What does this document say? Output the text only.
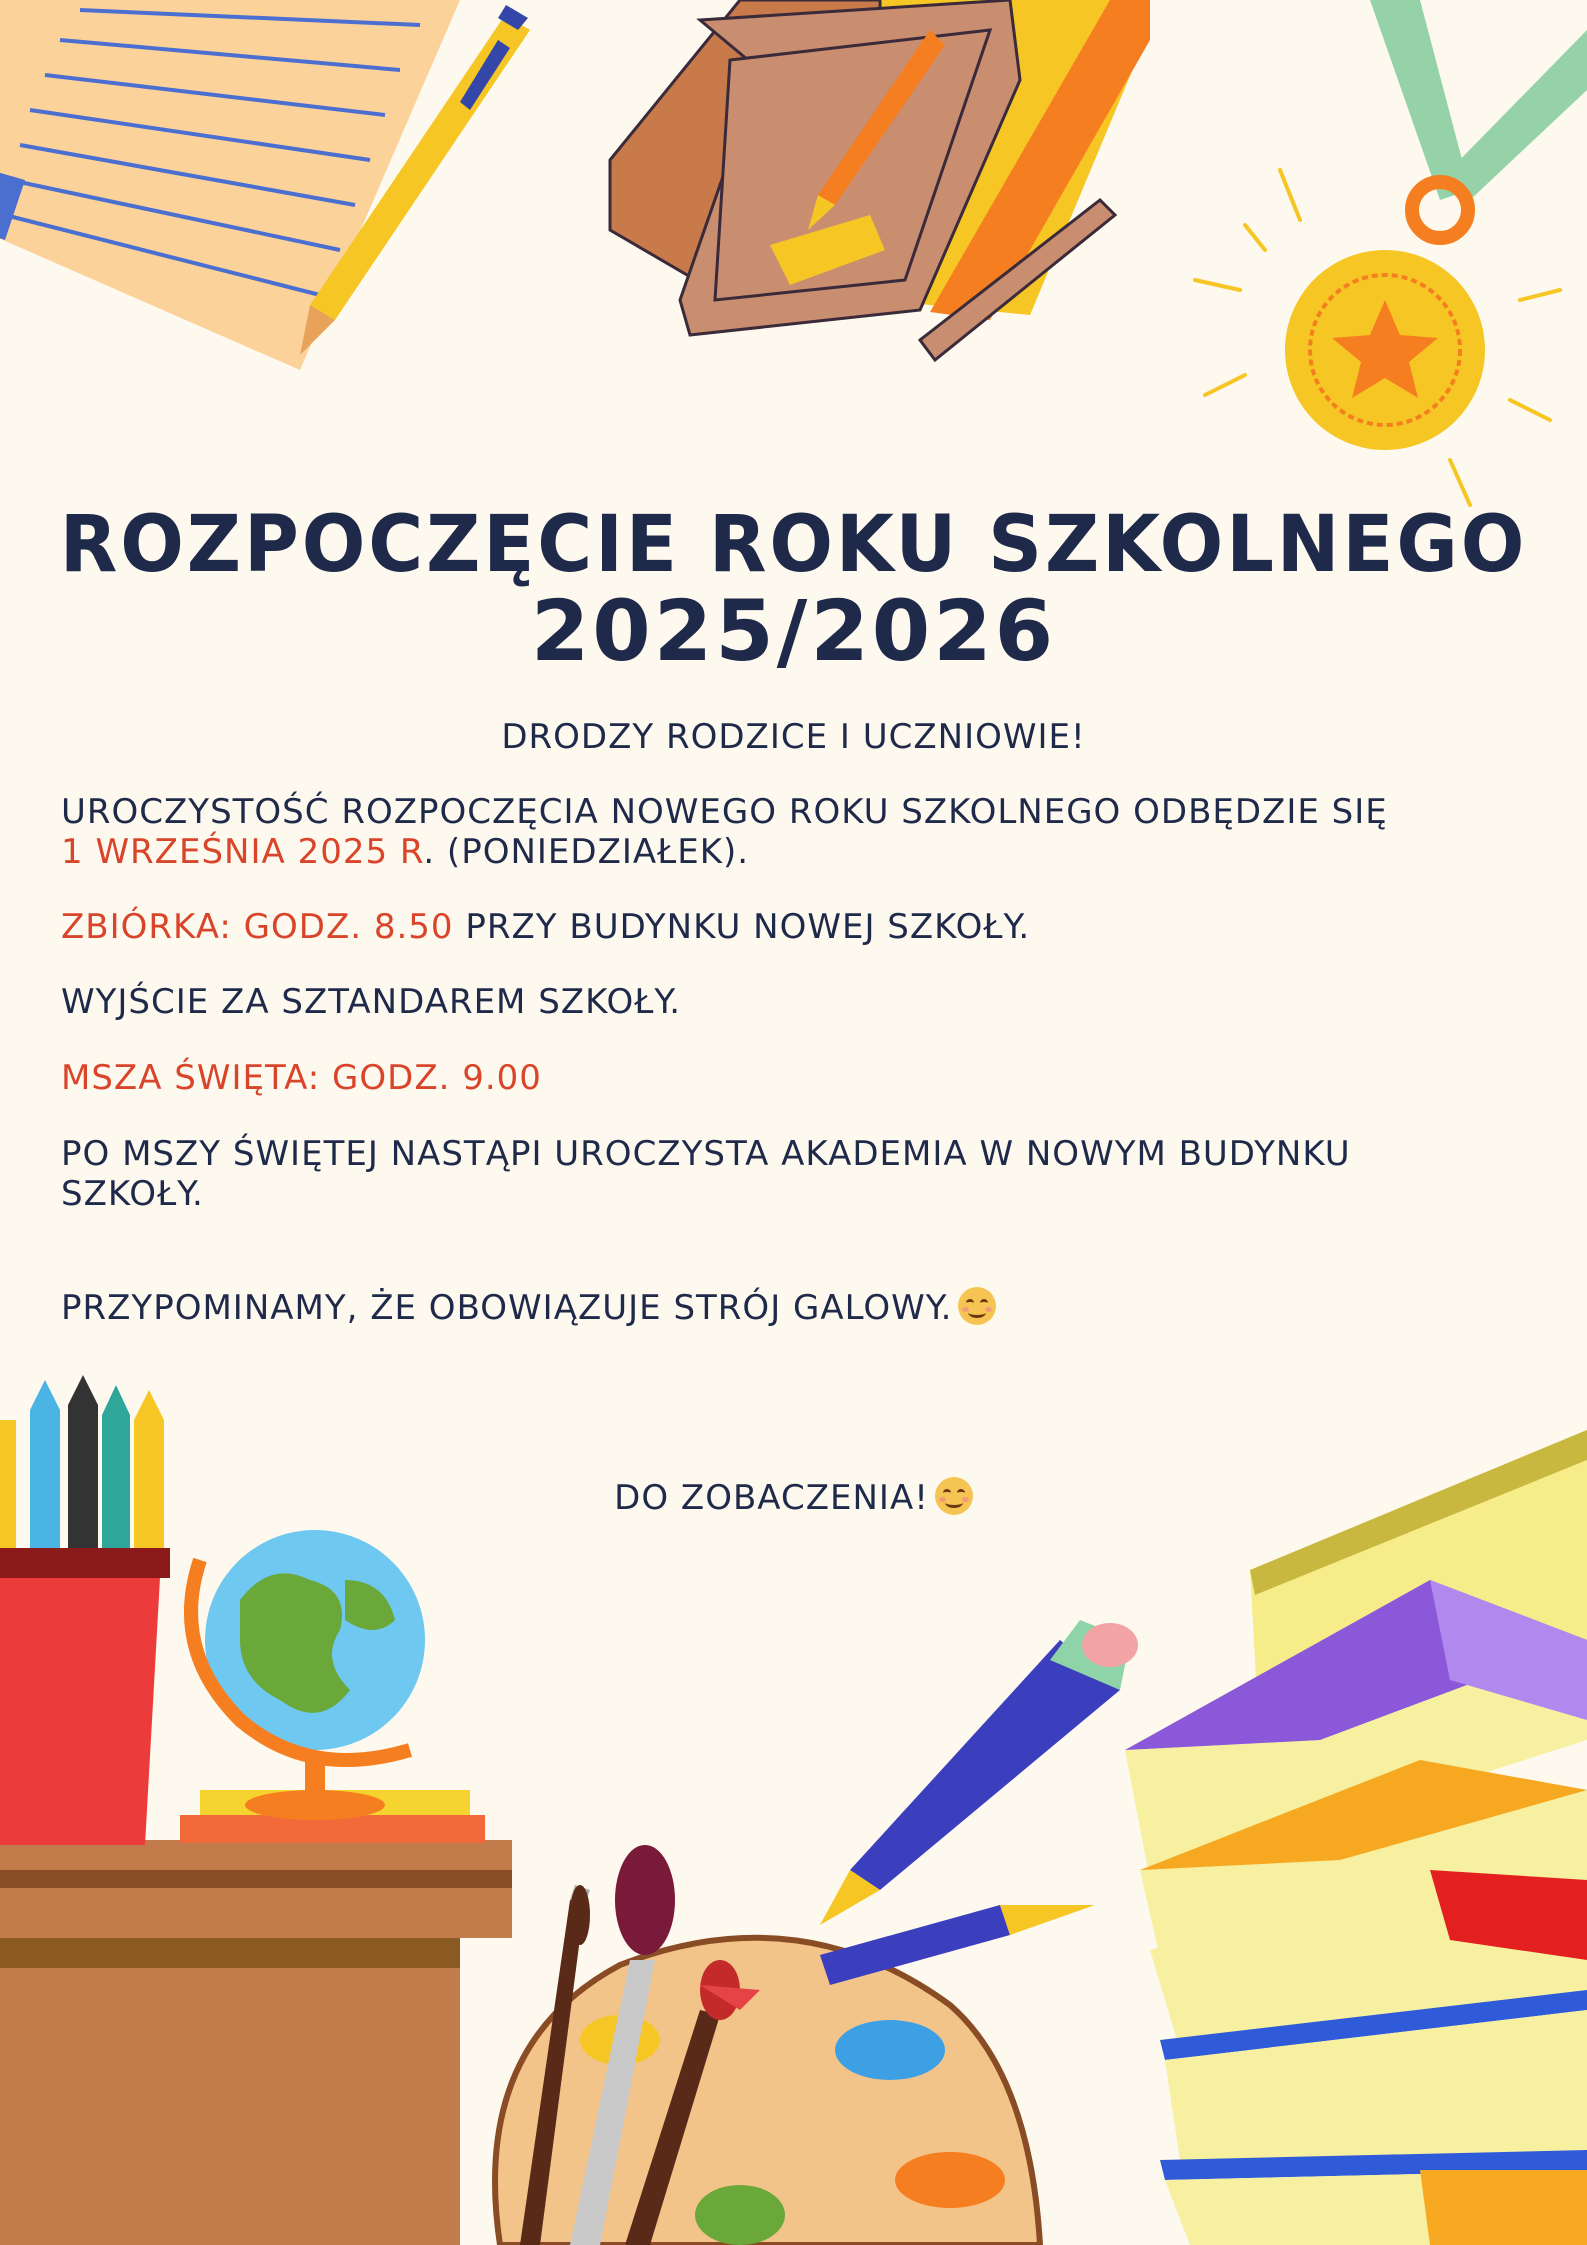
ROZPOCZĘCIE ROKU SZKOLNEGO
2025/2026
DRODZY RODZICE I UCZNIOWIE!
UROCZYSTOŚĆ ROZPOCZĘCIA NOWEGO ROKU SZKOLNEGO ODBĘDZIE SIĘ
1 WRZEŚNIA 2025 R. (PONIEDZIAŁEK).
ZBIÓRKA: GODZ. 8.50 PRZY BUDYNKU NOWEJ SZKOŁY.
WYJŚCIE ZA SZTANDAREM SZKOŁY.
MSZA ŚWIĘTA: GODZ. 9.00
PO MSZY ŚWIĘTEJ NASTĄPI UROCZYSTA AKADEMIA W NOWYM BUDYNKU
SZKOŁY.
PRZYPOMINAMY, ŻE OBOWIĄZUJE STRÓJ GALOWY.
DO ZOBACZENIA!
